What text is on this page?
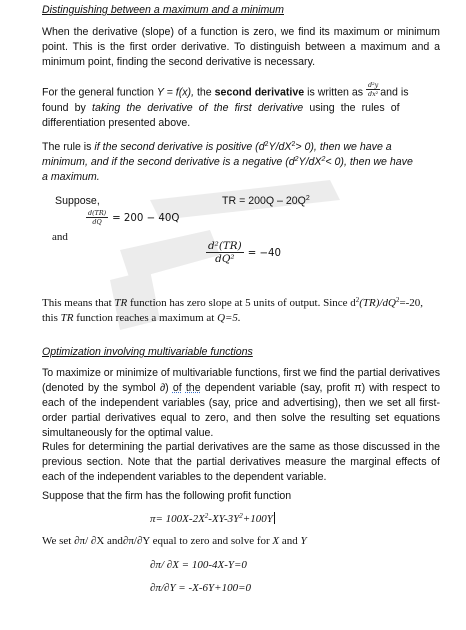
Distinguishing between a maximum and a minimum
When the derivative (slope) of a function is zero, we find its maximum or minimum point. This is the first order derivative. To distinguish between a maximum and a minimum point, finding the second derivative is necessary.
For the general function Y = f(x), the second derivative is written as $\frac{\text{d²y}}{\text{dx²}}$ and is
found by taking the derivative of the first derivative using the rules of
differentiation presented above.
The rule is if the second derivative is positive $(d^2Y/dX^2> 0)$, then we have a
minimum, and if the second derivative is a negative $(d^2Y/dX^2< 0)$, then we have
a maximum.
Suppose,	TR = $200Q - 20Q^2$
$\frac{d(TR)}{dQ} = 200 - 40Q$
and
$\frac{\text{d²(TR)}}{\text{dQ²}} = -40$
This means that TR function has zero slope at 5 units of output. Since $d^2(TR)/dQ^2=-20$,
this TR function reaches a maximum at Q=5.
Optimization involving multivariable functions
To maximize or minimize of multivariable functions, first we find the partial derivatives (denoted by the symbol ∂) of the dependent variable (say, profit π) with respect to each of the independent variables (say, price and advertising), then we set all first-order partial derivatives equal to zero, and then solve the resulting set equations simultaneously for the optimal value.
Rules for determining the partial derivatives are the same as those discussed in the previous section. Note that the partial derivatives measure the marginal effects of each of the independent variables to the dependent variable.
Suppose that the firm has the following profit function
$\pi= 100X-2X^2-XY-3Y^2+100Y$
We set ∂π/ ∂X and∂π/∂Y equal to zero and solve for X and Y
∂π/ ∂X = 100-4X-Y=0
∂π/∂Y = -X-6Y+100=0
